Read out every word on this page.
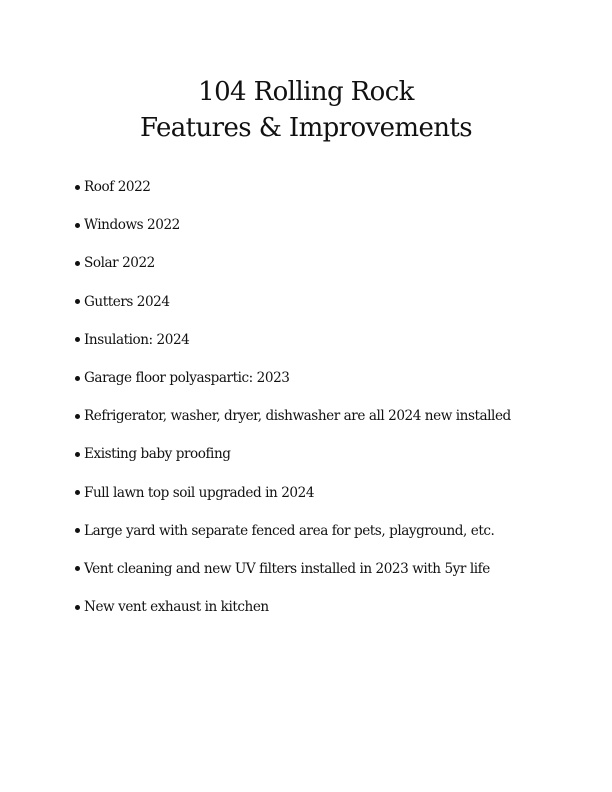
104 Rolling Rock
Features & Improvements
Roof 2022
Windows 2022
Solar 2022
Gutters 2024
Insulation: 2024
Garage floor polyaspartic: 2023
Refrigerator, washer, dryer, dishwasher are all 2024 new installed
Existing baby proofing
Full lawn top soil upgraded in 2024
Large yard with separate fenced area for pets, playground, etc.
Vent cleaning and new UV filters installed in 2023 with 5yr life
New vent exhaust in kitchen
